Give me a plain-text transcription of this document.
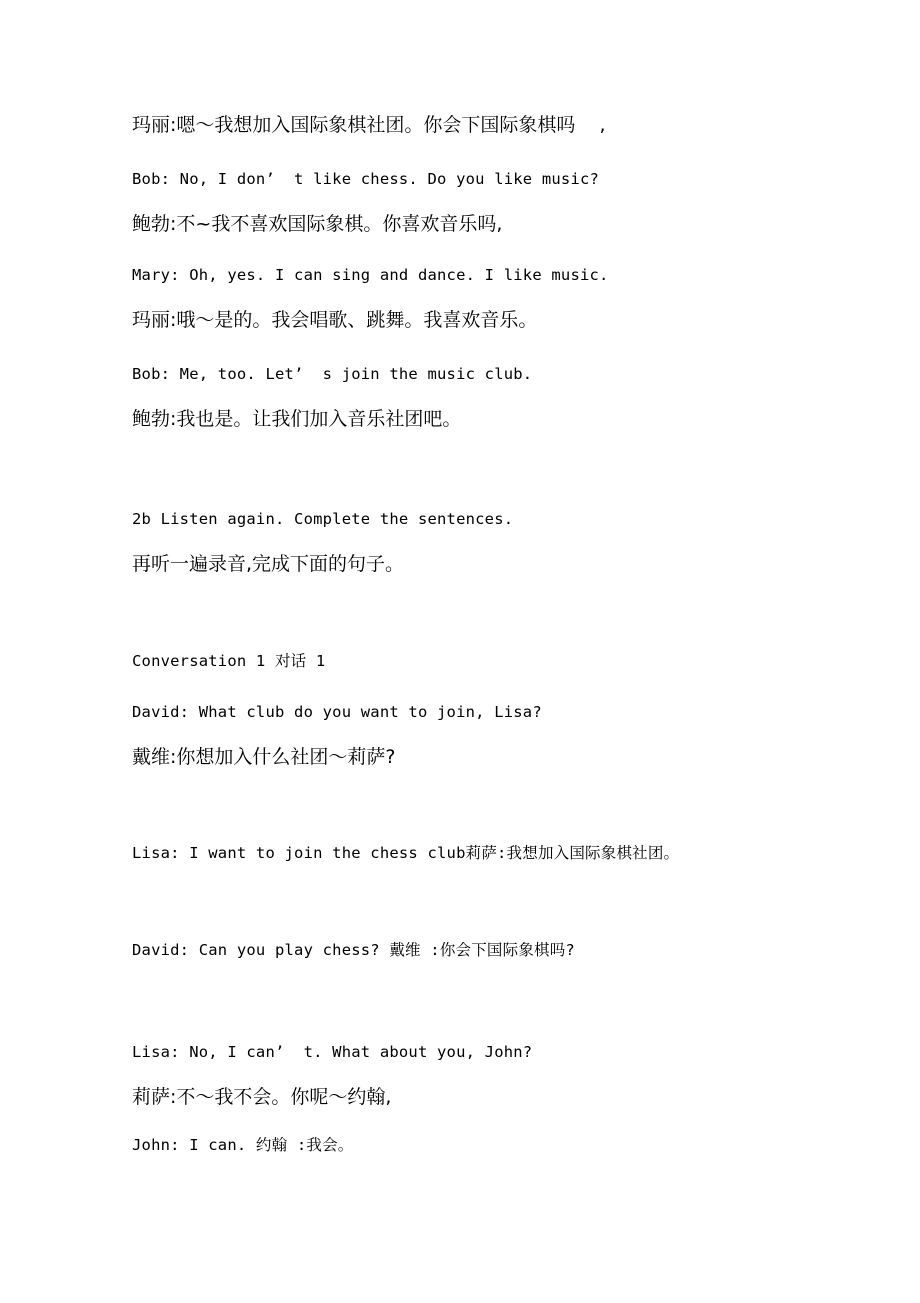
玛丽:嗯～我想加入国际象棋社团。你会下国际象棋吗    ,
Bob: No, I don’  t like chess. Do you like music?
鲍勃:不~我不喜欢国际象棋。你喜欢音乐吗,
Mary: Oh, yes. I can sing and dance. I like music.
玛丽:哦～是的。我会唱歌、跳舞。我喜欢音乐。
Bob: Me, too. Let’  s join the music club.
鲍勃:我也是。让我们加入音乐社团吧。
2b Listen again. Complete the sentences.
再听一遍录音,完成下面的句子。
Conversation 1 对话 1
David: What club do you want to join, Lisa?
戴维:你想加入什么社团～莉萨?
Lisa: I want to join the chess club莉萨:我想加入国际象棋社团。
David: Can you play chess? 戴维 :你会下国际象棋吗?
Lisa: No, I can’  t. What about you, John?
莉萨:不～我不会。你呢～约翰,
John: I can. 约翰 :我会。
